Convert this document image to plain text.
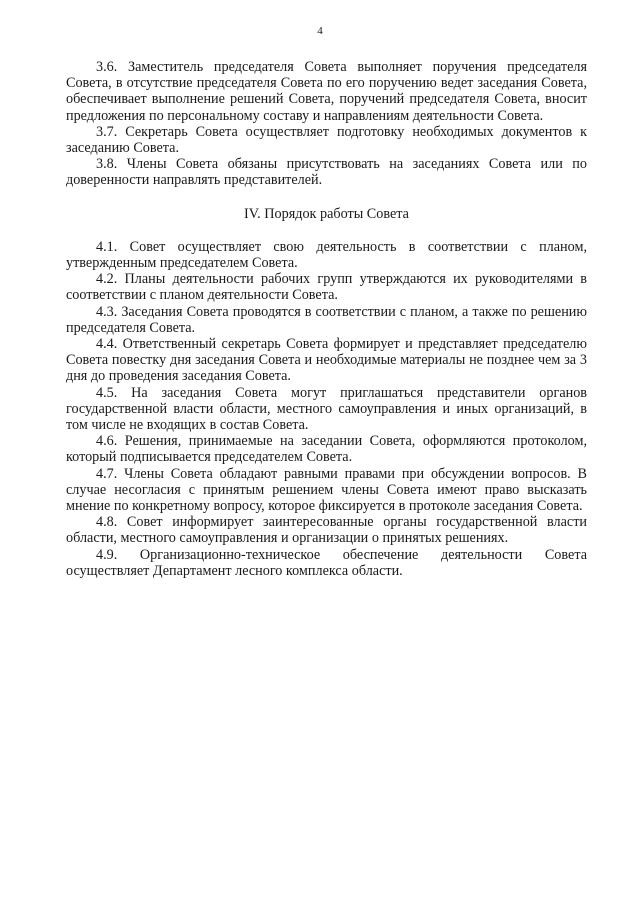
4

3.6. Заместитель председателя Совета выполняет поручения председателя Совета, в отсутствие председателя Совета по его поручению ведет заседания Совета, обеспечивает выполнение решений Совета, поручений председателя Совета, вносит предложения по персональному составу и направлениям деятельности Совета.

3.7. Секретарь Совета осуществляет подготовку необходимых документов к заседанию Совета.

3.8. Члены Совета обязаны присутствовать на заседаниях Совета или по доверенности направлять представителей.

IV. Порядок работы Совета

4.1. Совет осуществляет свою деятельность в соответствии с планом, утвержденным председателем Совета.

4.2. Планы деятельности рабочих групп утверждаются их руководителями в соответствии с планом деятельности Совета.

4.3. Заседания Совета проводятся в соответствии с планом, а также по решению председателя Совета.

4.4. Ответственный секретарь Совета формирует и представляет председателю Совета повестку дня заседания Совета и необходимые материалы не позднее чем за 3 дня до проведения заседания Совета.

4.5. На заседания Совета могут приглашаться представители органов государственной власти области, местного самоуправления и иных организаций, в том числе не входящих в состав Совета.

4.6. Решения, принимаемые на заседании Совета, оформляются протоколом, который подписывается председателем Совета.

4.7. Члены Совета обладают равными правами при обсуждении вопросов. В случае несогласия с принятым решением члены Совета имеют право высказать мнение по конкретному вопросу, которое фиксируется в протоколе заседания Совета.

4.8. Совет информирует заинтересованные органы государственной власти области, местного самоуправления и организации о принятых решениях.

4.9. Организационно-техническое обеспечение деятельности Совета осуществляет Департамент лесного комплекса области.
